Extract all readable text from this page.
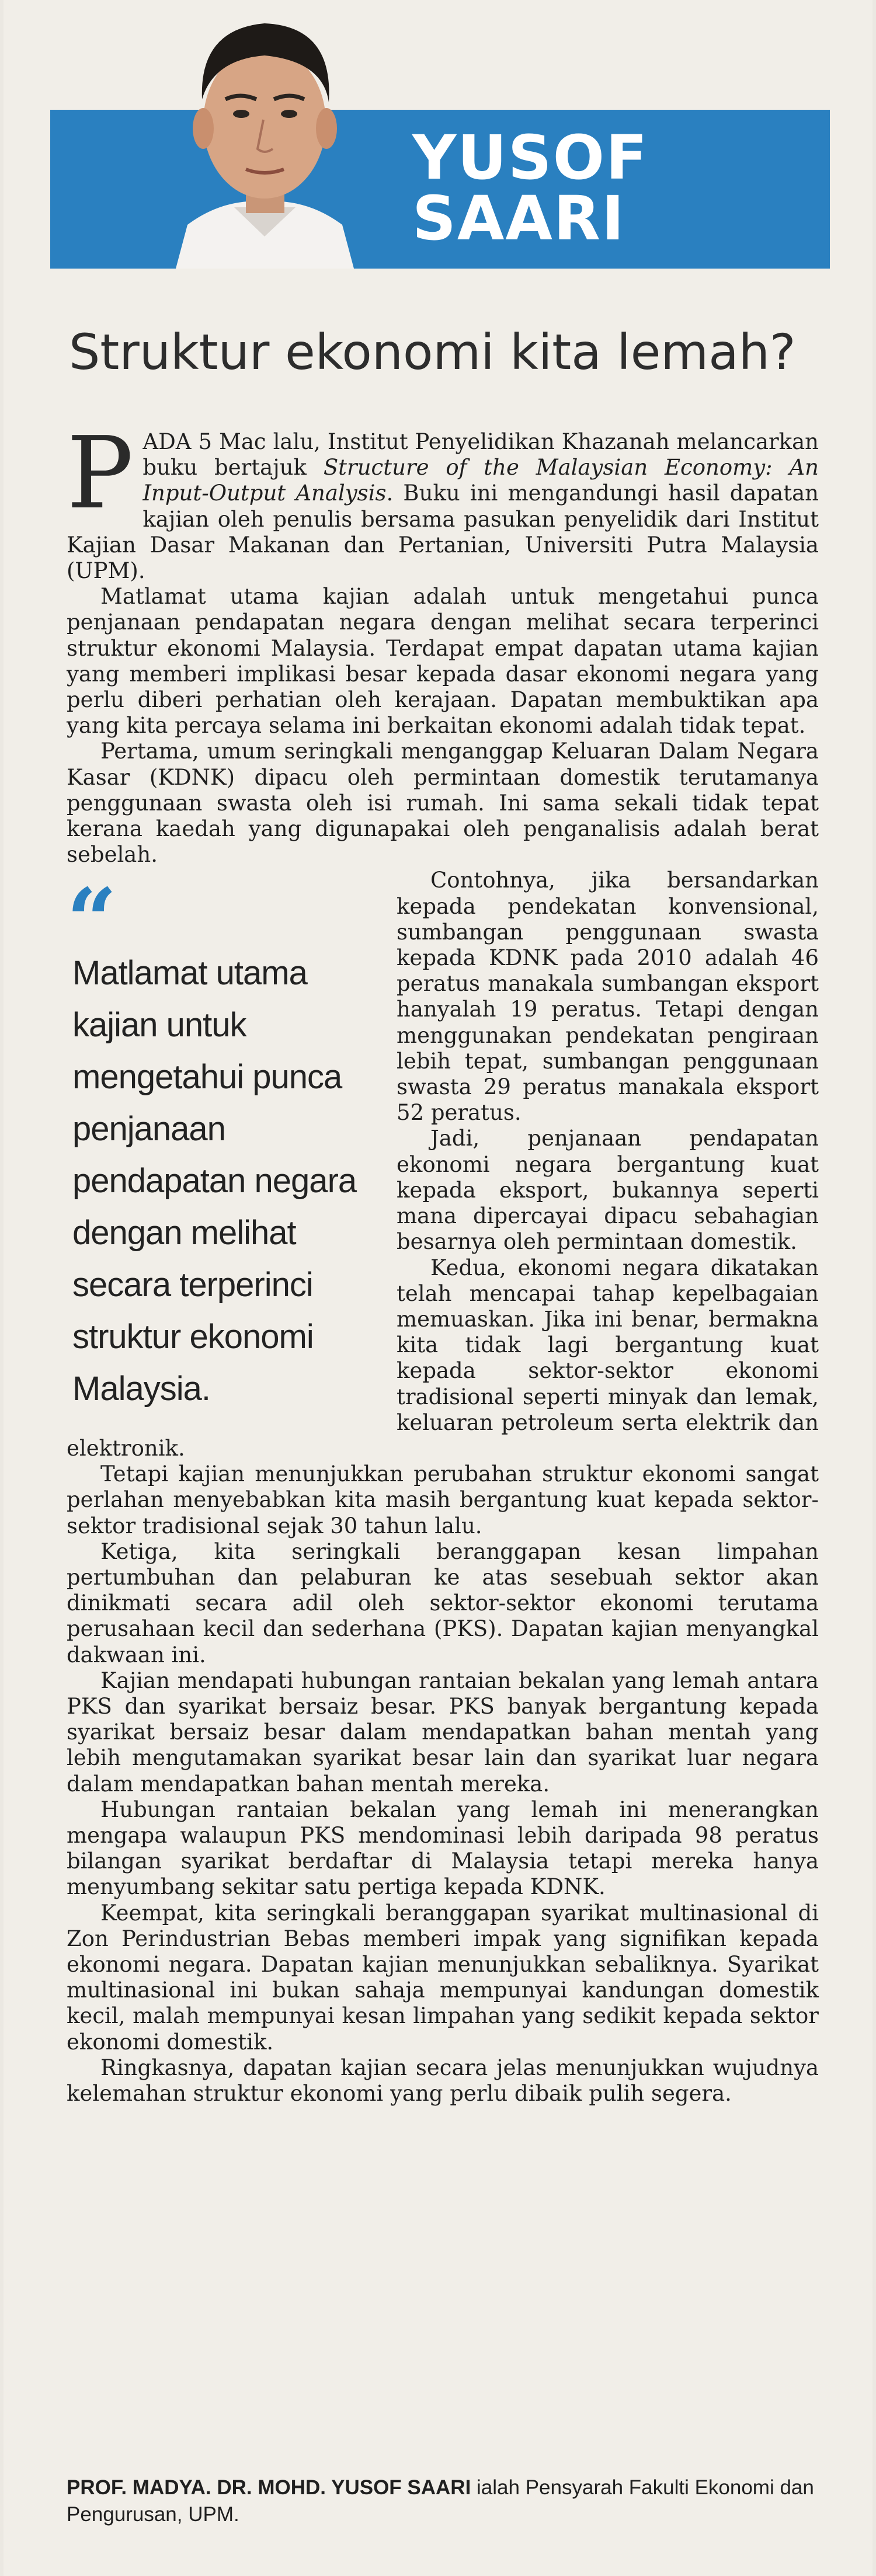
YUSOF SAARI
Struktur ekonomi kita lemah?

PADA 5 Mac lalu, Institut Penyelidikan Khazanah melancarkan buku bertajuk Structure of the Malaysian Economy: An Input-Output Analysis. Buku ini mengandungi hasil dapatan kajian oleh penulis bersama pasukan penyelidik dari Institut Kajian Dasar Makanan dan Pertanian, Universiti Putra Malaysia (UPM).

Matlamat utama kajian adalah untuk mengetahui punca penjanaan pendapatan negara dengan melihat secara terperinci struktur ekonomi Malaysia. Terdapat empat dapatan utama kajian yang memberi implikasi besar kepada dasar ekonomi negara yang perlu diberi perhatian oleh kerajaan. Dapatan membuktikan apa yang kita percaya selama ini berkaitan ekonomi adalah tidak tepat.

Pertama, umum seringkali menganggap Keluaran Dalam Negara Kasar (KDNK) dipacu oleh permintaan domestik terutamanya penggunaan swasta oleh isi rumah. Ini sama sekali tidak tepat kerana kaedah yang digunapakai oleh penganalisis adalah berat sebelah.

“
Matlamat utama kajian untuk mengetahui punca penjanaan pendapatan negara dengan melihat secara terperinci struktur ekonomi Malaysia.

Contohnya, jika bersandarkan kepada pendekatan konvensional, sumbangan penggunaan swasta kepada KDNK pada 2010 adalah 46 peratus manakala sumbangan eksport hanyalah 19 peratus. Tetapi dengan menggunakan pendekatan pengiraan lebih tepat, sumbangan penggunaan swasta 29 peratus manakala eksport 52 peratus.

Jadi, penjanaan pendapatan ekonomi negara bergantung kuat kepada eksport, bukannya seperti mana dipercayai dipacu sebahagian besarnya oleh permintaan domestik.

Kedua, ekonomi negara dikatakan telah mencapai tahap kepelbagaian memuaskan. Jika ini benar, bermakna kita tidak lagi bergantung kuat kepada sektor-sektor ekonomi tradisional seperti minyak dan lemak, keluaran petroleum serta elektrik dan elektronik.

Tetapi kajian menunjukkan perubahan struktur ekonomi sangat perlahan menyebabkan kita masih bergantung kuat kepada sektor-sektor tradisional sejak 30 tahun lalu.

Ketiga, kita seringkali beranggapan kesan limpahan pertumbuhan dan pelaburan ke atas sesebuah sektor akan dinikmati secara adil oleh sektor-sektor ekonomi terutama perusahaan kecil dan sederhana (PKS). Dapatan kajian menyangkal dakwaan ini.

Kajian mendapati hubungan rantaian bekalan yang lemah antara PKS dan syarikat bersaiz besar. PKS banyak bergantung kepada syarikat bersaiz besar dalam mendapatkan bahan mentah yang lebih mengutamakan syarikat besar lain dan syarikat luar negara dalam mendapatkan bahan mentah mereka.

Hubungan rantaian bekalan yang lemah ini menerangkan mengapa walaupun PKS mendominasi lebih daripada 98 peratus bilangan syarikat berdaftar di Malaysia tetapi mereka hanya menyumbang sekitar satu pertiga kepada KDNK.

Keempat, kita seringkali beranggapan syarikat multinasional di Zon Perindustrian Bebas memberi impak yang signifikan kepada ekonomi negara. Dapatan kajian menunjukkan sebaliknya. Syarikat multinasional ini bukan sahaja mempunyai kandungan domestik kecil, malah mempunyai kesan limpahan yang sedikit kepada sektor ekonomi domestik.

Ringkasnya, dapatan kajian secara jelas menunjukkan wujudnya kelemahan struktur ekonomi yang perlu dibaik pulih segera.

PROF. MADYA. DR. MOHD. YUSOF SAARI ialah Pensyarah Fakulti Ekonomi dan Pengurusan, UPM.
